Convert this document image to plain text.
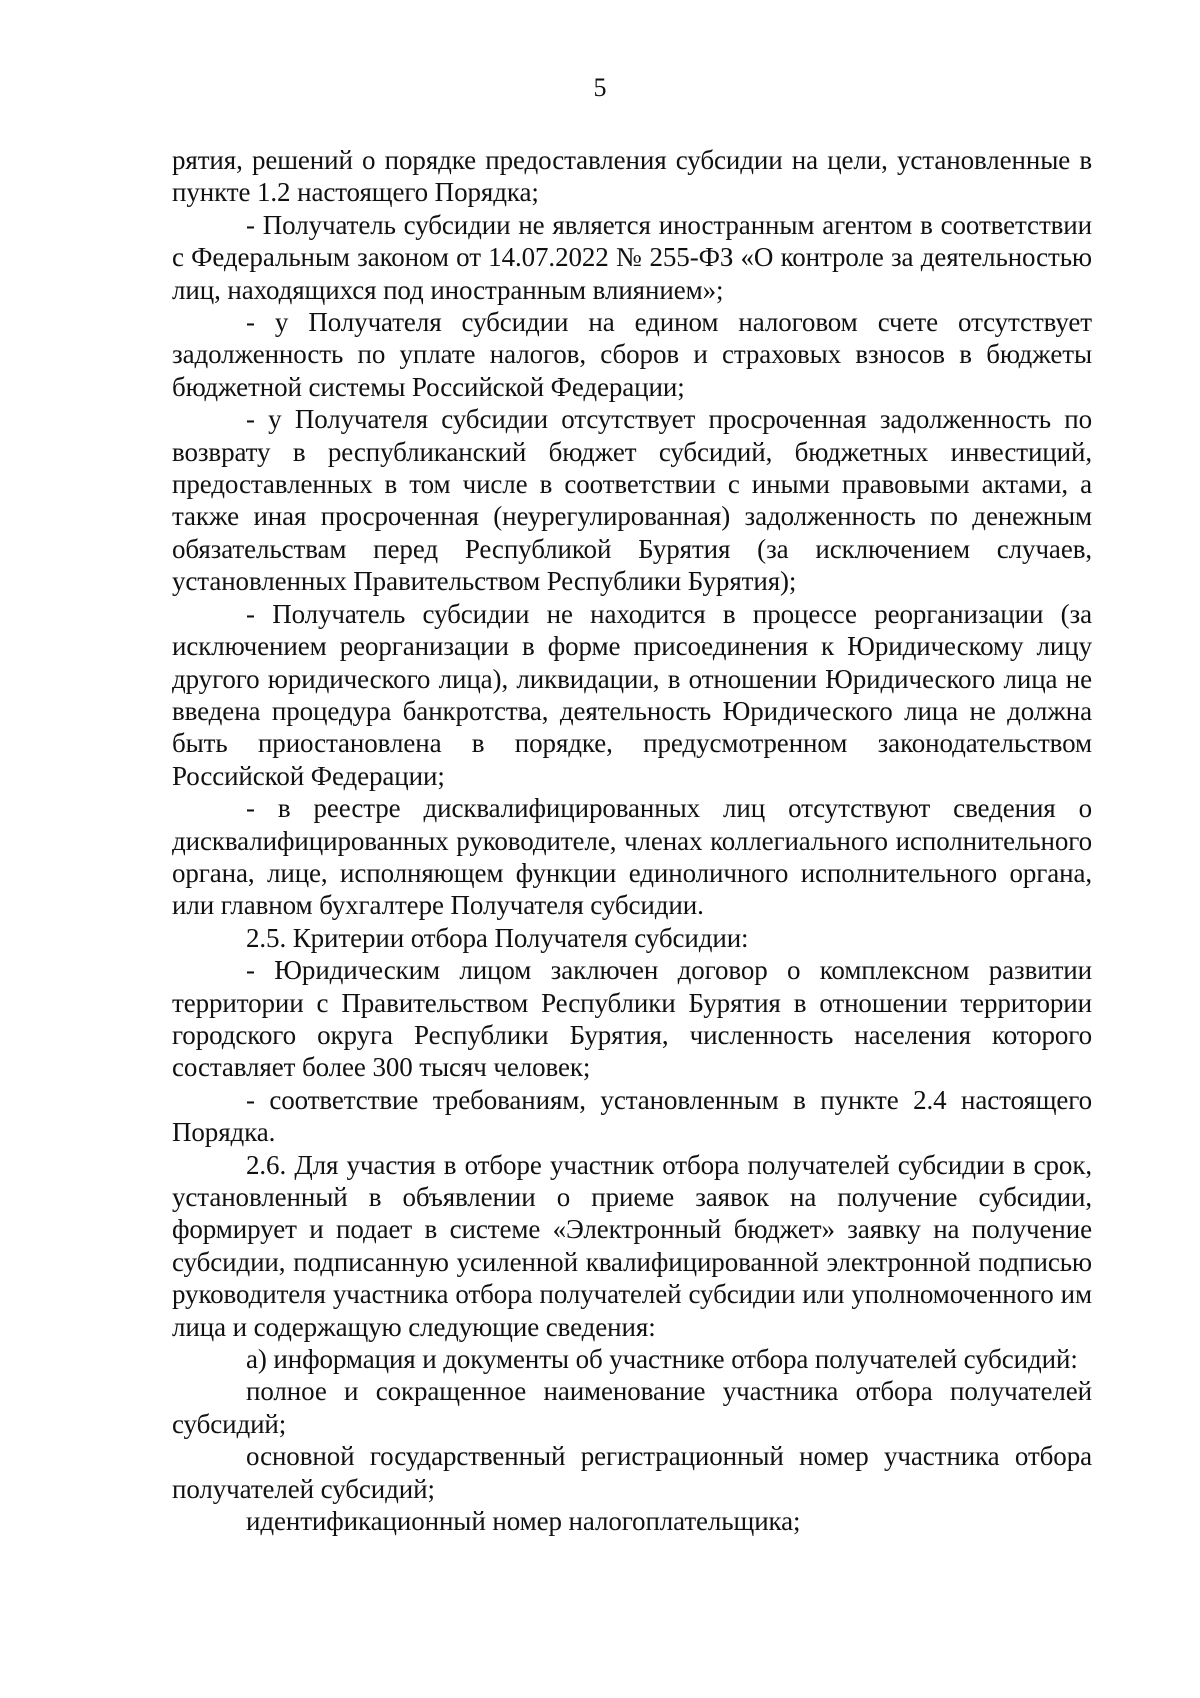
5

рятия, решений о порядке предоставления субсидии на цели, установленные в пункте 1.2 настоящего Порядка;

- Получатель субсидии не является иностранным агентом в соответствии с Федеральным законом от 14.07.2022 № 255-ФЗ «О контроле за деятельностью лиц, находящихся под иностранным влиянием»;

- у Получателя субсидии на едином налоговом счете отсутствует задолженность по уплате налогов, сборов и страховых взносов в бюджеты бюджетной системы Российской Федерации;

- у Получателя субсидии отсутствует просроченная задолженность по возврату в республиканский бюджет субсидий, бюджетных инвестиций, предоставленных в том числе в соответствии с иными правовыми актами, а также иная просроченная (неурегулированная) задолженность по денежным обязательствам перед Республикой Бурятия (за исключением случаев, установленных Правительством Республики Бурятия);

- Получатель субсидии не находится в процессе реорганизации (за исключением реорганизации в форме присоединения к Юридическому лицу другого юридического лица), ликвидации, в отношении Юридического лица не введена процедура банкротства, деятельность Юридического лица не должна быть приостановлена в порядке, предусмотренном законодательством Российской Федерации;

- в реестре дисквалифицированных лиц отсутствуют сведения о дисквалифицированных руководителе, членах коллегиального исполнительного органа, лице, исполняющем функции единоличного исполнительного органа, или главном бухгалтере Получателя субсидии.

2.5. Критерии отбора Получателя субсидии:

- Юридическим лицом заключен договор о комплексном развитии территории с Правительством Республики Бурятия в отношении территории городского округа Республики Бурятия, численность населения которого составляет более 300 тысяч человек;

- соответствие требованиям, установленным в пункте 2.4 настоящего Порядка.

2.6. Для участия в отборе участник отбора получателей субсидии в срок, установленный в объявлении о приеме заявок на получение субсидии, формирует и подает в системе «Электронный бюджет» заявку на получение субсидии, подписанную усиленной квалифицированной электронной подписью руководителя участника отбора получателей субсидии или уполномоченного им лица и содержащую следующие сведения:

а) информация и документы об участнике отбора получателей субсидий:

полное и сокращенное наименование участника отбора получателей субсидий;

основной государственный регистрационный номер участника отбора получателей субсидий;

идентификационный номер налогоплательщика;
